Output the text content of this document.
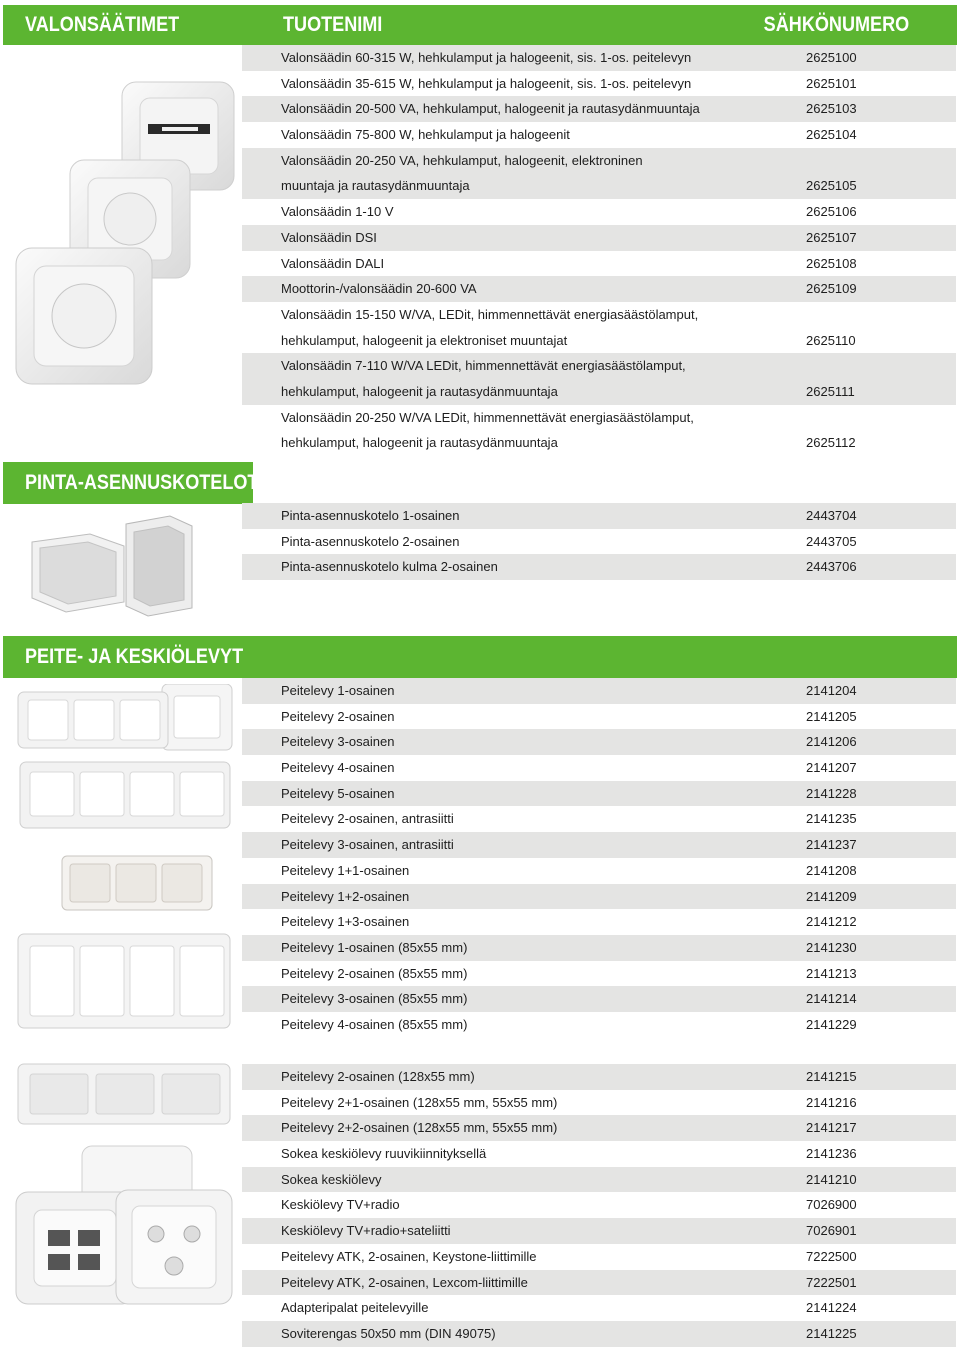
VALONSÄÄTIMET	TUOTENIMI	SÄHKÖNUMERO
Valonsäädin 60-315 W, hehkulamput ja halogeenit, sis. 1-os. peitelevyn	2625100
Valonsäädin 35-615 W, hehkulamput ja halogeenit, sis. 1-os. peitelevyn	2625101
Valonsäädin 20-500 VA, hehkulamput, halogeenit ja rautasydänmuuntaja	2625103
Valonsäädin 75-800 W, hehkulamput ja halogeenit	2625104
Valonsäädin 20-250 VA, hehkulamput, halogeenit, elektroninen
muuntaja ja rautasydänmuuntaja	2625105
Valonsäädin 1-10 V	2625106
Valonsäädin DSI	2625107
Valonsäädin DALI	2625108
Moottorin-/valonsäädin 20-600 VA	2625109
Valonsäädin 15-150 W/VA, LEDit, himmennettävät energiasäästölamput,
hehkulamput, halogeenit ja elektroniset muuntajat	2625110
Valonsäädin 7-110 W/VA LEDit, himmennettävät energiasäästölamput,
hehkulamput, halogeenit ja rautasydänmuuntaja	2625111
Valonsäädin 20-250 W/VA LEDit, himmennettävät energiasäästölamput,
hehkulamput, halogeenit ja rautasydänmuuntaja	2625112
PINTA-ASENNUSKOTELOT
Pinta-asennuskotelo 1-osainen	2443704
Pinta-asennuskotelo 2-osainen	2443705
Pinta-asennuskotelo kulma 2-osainen	2443706
PEITE- JA KESKIÖLEVYT
Peitelevy 1-osainen	2141204
Peitelevy 2-osainen	2141205
Peitelevy 3-osainen	2141206
Peitelevy 4-osainen	2141207
Peitelevy 5-osainen	2141228
Peitelevy 2-osainen, antrasiitti	2141235
Peitelevy 3-osainen, antrasiitti	2141237
Peitelevy 1+1-osainen	2141208
Peitelevy 1+2-osainen	2141209
Peitelevy 1+3-osainen	2141212
Peitelevy 1-osainen (85x55 mm)	2141230
Peitelevy 2-osainen (85x55 mm)	2141213
Peitelevy 3-osainen (85x55 mm)	2141214
Peitelevy 4-osainen (85x55 mm)	2141229
Peitelevy 2-osainen (128x55 mm)	2141215
Peitelevy 2+1-osainen (128x55 mm, 55x55 mm)	2141216
Peitelevy 2+2-osainen (128x55 mm, 55x55 mm)	2141217
Sokea keskiölevy ruuvikiinnityksellä	2141236
Sokea keskiölevy	2141210
Keskiölevy TV+radio	7026900
Keskiölevy TV+radio+sateliitti	7026901
Peitelevy ATK, 2-osainen, Keystone-liittimille	7222500
Peitelevy ATK, 2-osainen, Lexcom-liittimille	7222501
Adapteripalat peitelevyille	2141224
Soviterengas 50x50 mm (DIN 49075)	2141225
